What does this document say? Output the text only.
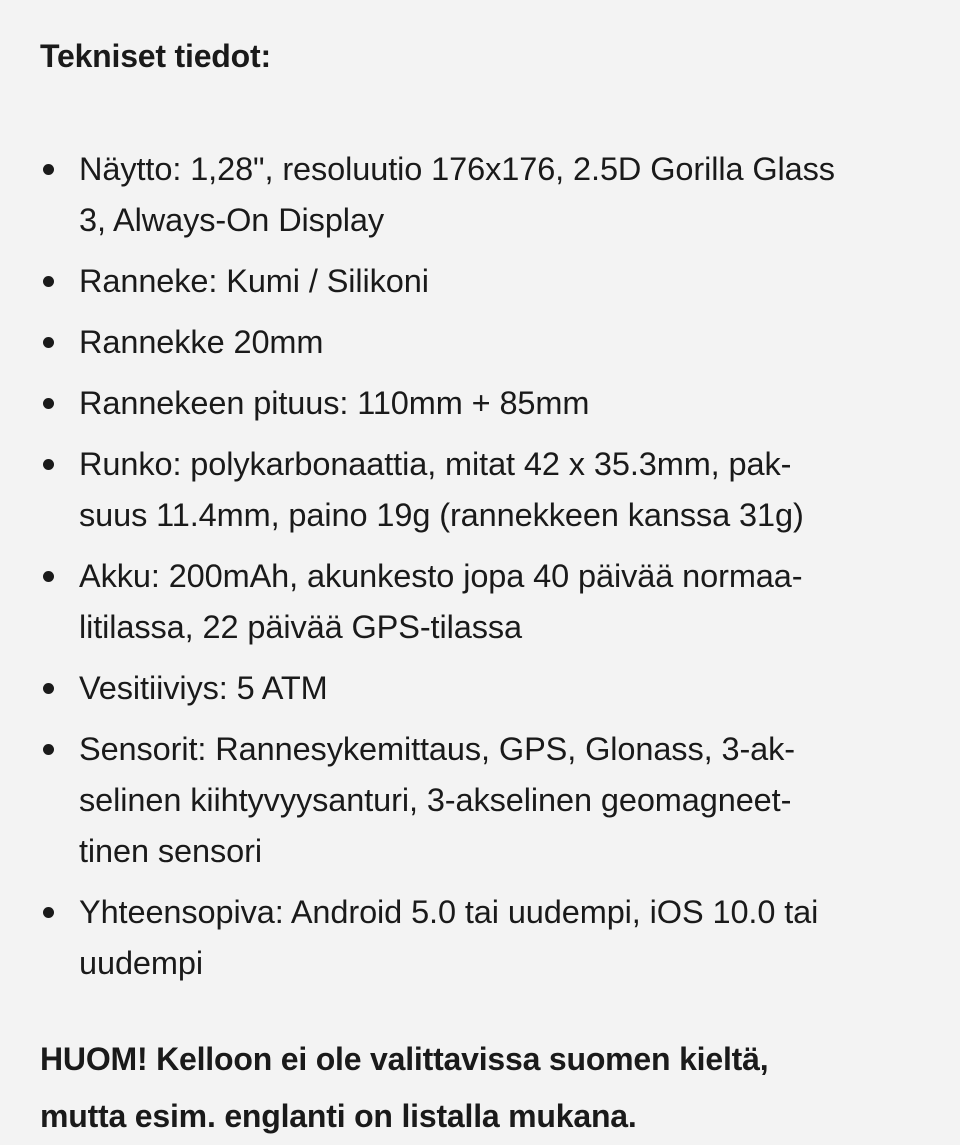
Tekniset tiedot:
Näytto: 1,28", resoluutio 176x176, 2.5D Gorilla Glass
3, Always-On Display
Ranneke: Kumi / Silikoni
Rannekke 20mm
Rannekeen pituus: 110mm + 85mm
Runko: polykarbonaattia, mitat 42 x 35.3mm, pak-
suus 11.4mm, paino 19g (rannekkeen kanssa 31g)
Akku: 200mAh, akunkesto jopa 40 päivää normaa-
litilassa, 22 päivää GPS-tilassa
Vesitiiviys: 5 ATM
Sensorit: Rannesykemittaus, GPS, Glonass, 3-ak-
selinen kiihtyvyysanturi, 3-akselinen geomagneet-
tinen sensori
Yhteensopiva: Android 5.0 tai uudempi, iOS 10.0 tai
uudempi

HUOM! Kelloon ei ole valittavissa suomen kieltä,
mutta esim. englanti on listalla mukana.
